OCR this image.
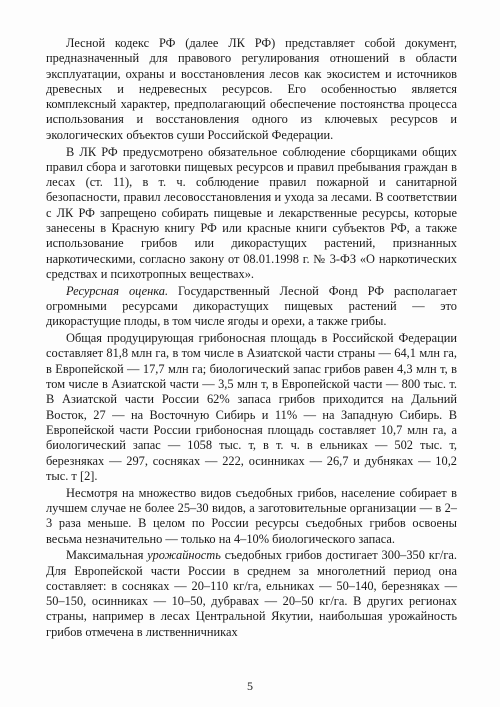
Лесной кодекс РФ (далее ЛК РФ) представляет собой документ, предназначенный для правового регулирования отношений в области эксплуатации, охраны и восстановления лесов как экосистем и источников древесных и недревесных ресурсов. Его особенностью является комплексный характер, предполагающий обеспечение постоянства процесса использования и восстановления одного из ключевых ресурсов и экологических объектов суши Российской Федерации.

В ЛК РФ предусмотрено обязательное соблюдение сборщиками общих правил сбора и заготовки пищевых ресурсов и правил пребывания граждан в лесах (ст. 11), в т. ч. соблюдение правил пожарной и санитарной безопасности, правил лесовосстановления и ухода за лесами. В соответствии с ЛК РФ запрещено собирать пищевые и лекарственные ресурсы, которые занесены в Красную книгу РФ или красные книги субъектов РФ, а также использование грибов или дикорастущих растений, признанных наркотическими, согласно закону от 08.01.1998 г. № 3-ФЗ «О наркотических средствах и психотропных веществах».

Ресурсная оценка. Государственный Лесной Фонд РФ располагает огромными ресурсами дикорастущих пищевых растений — это дикорастущие плоды, в том числе ягоды и орехи, а также грибы.

Общая продуцирующая грибоносная площадь в Российской Федерации составляет 81,8 млн га, в том числе в Азиатской части страны — 64,1 млн га, в Европейской — 17,7 млн га; биологический запас грибов равен 4,3 млн т, в том числе в Азиатской части — 3,5 млн т, в Европейской части — 800 тыс. т. В Азиатской части России 62% запаса грибов приходится на Дальний Восток, 27 — на Восточную Сибирь и 11% — на Западную Сибирь. В Европейской части России грибоносная площадь составляет 10,7 млн га, а биологический запас — 1058 тыс. т, в т. ч. в ельниках — 502 тыс. т, березняках — 297, сосняках — 222, осинниках — 26,7 и дубняках — 10,2 тыс. т [2].

Несмотря на множество видов съедобных грибов, население собирает в лучшем случае не более 25–30 видов, а заготовительные организации — в 2–3 раза меньше. В целом по России ресурсы съедобных грибов освоены весьма незначительно — только на 4–10% биологического запаса.

Максимальная урожайность съедобных грибов достигает 300–350 кг/га. Для Европейской части России в среднем за многолетний период она составляет: в сосняках — 20–110 кг/га, ельниках — 50–140, березняках — 50–150, осинниках — 10–50, дубравах — 20–50 кг/га. В других регионах страны, например в лесах Центральной Якутии, наибольшая урожайность грибов отмечена в лиственничниках

5
